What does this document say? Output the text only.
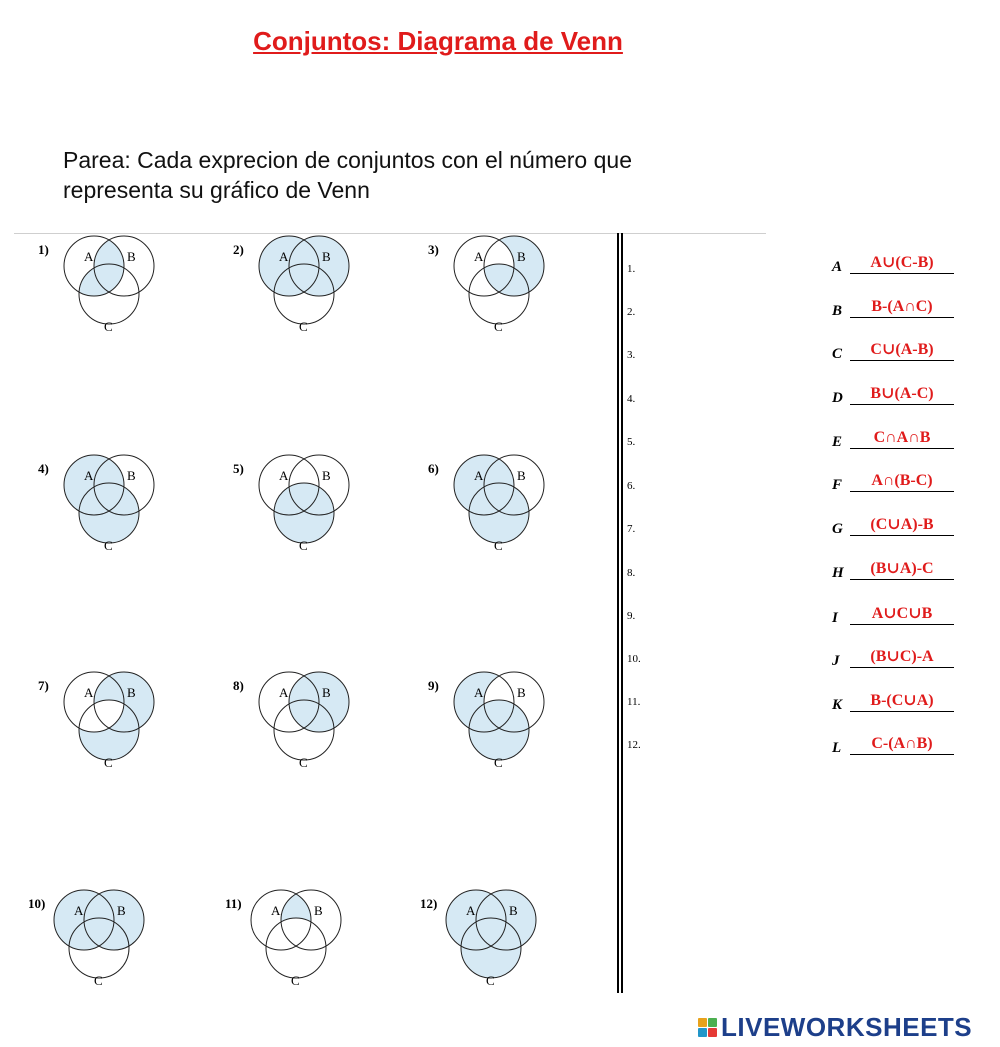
Conjuntos: Diagrama de Venn
Parea: Cada exprecion de conjuntos con el número que
representa su gráfico de Venn
1)	A	B
C
2)	A	B
C
3)	A	B
C
4)	A	B
C
5)	A	B
C
6)	A	B
C
7)	A	B
C
8)	A	B
C
9)	A	B
C
10) A	B
C
11) A	B
C
12) A	B
C
1.
2.
3.
4.
5.
6.
7.
8.
9.
10.
11.
12.
A	A∪(C-B)
B	B-(A∩C)
C	C∪(A-B)
D	B∪(A-C)
E	C∩A∩B
F	A∩(B-C)
G	(C∪A)-B
H	(B∪A)-C
I	A∪C∪B
J	(B∪C)-A
K	B-(C∪A)
L	C-(A∩B)
LIVEWORKSHEETS
